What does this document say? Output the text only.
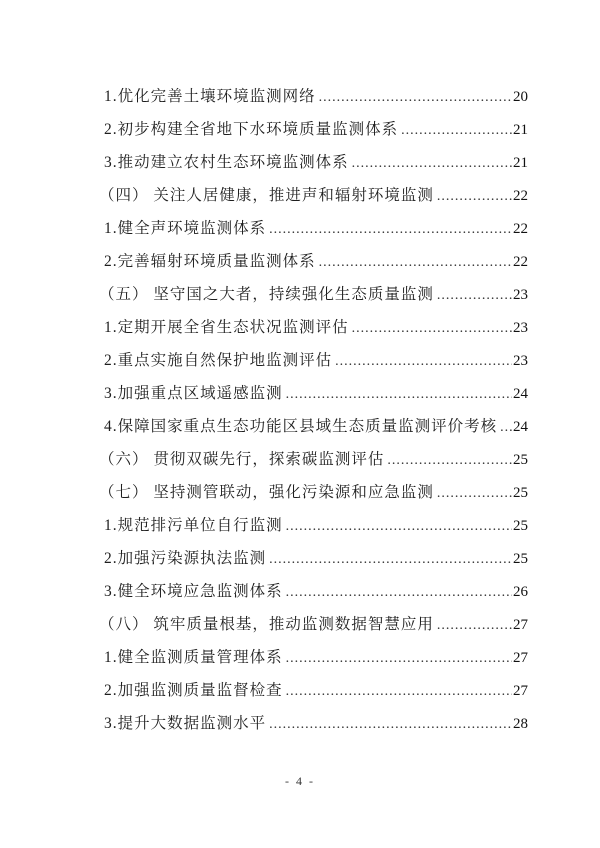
1.优化完善土壤环境监测网络 .....	20
2.初步构建全省地下水环境质量监测体系 .....	21
3.推动建立农村生态环境监测体系 .....	21
（四） 关注人居健康，推进声和辐射环境监测 .....	22
1.健全声环境监测体系 .....	22
2.完善辐射环境质量监测体系 .....	22
（五） 坚守国之大者，持续强化生态质量监测 .....	23
1.定期开展全省生态状况监测评估 .....	23
2.重点实施自然保护地监测评估 .....	23
3.加强重点区域遥感监测 .....	24
4.保障国家重点生态功能区县域生态质量监测评价考核 ..... 24
（六） 贯彻双碳先行，探索碳监测评估 .....	25
（七） 坚持测管联动，强化污染源和应急监测 .....	25
1.规范排污单位自行监测 .....	25
2.加强污染源执法监测 .....	25
3.健全环境应急监测体系 .....	26
（八） 筑牢质量根基，推动监测数据智慧应用 .....	27
1.健全监测质量管理体系 .....	27
2.加强监测质量监督检查 .....	27
3.提升大数据监测水平 .....	28
- 4 -
